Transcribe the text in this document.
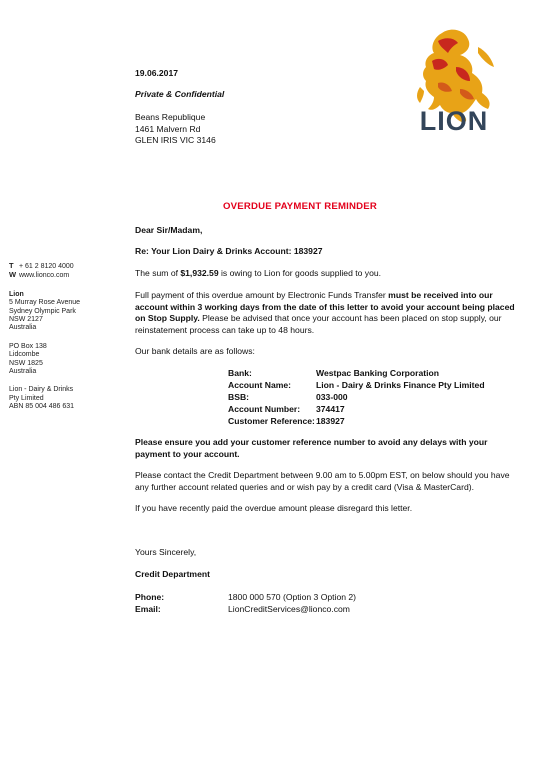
LION
T + 61 2 8120 4000
W www.lionco.com
Lion
5 Murray Rose Avenue
Sydney Olympic Park
NSW 2127
Australia
PO Box 138
Lidcombe
NSW 1825
Australia
Lion - Dairy & Drinks
Pty Limited
ABN 85 004 486 631
19.06.2017
Private & Confidential
Beans Republique
1461 Malvern Rd
GLEN IRIS VIC 3146
OVERDUE PAYMENT REMINDER
Dear Sir/Madam,
Re: Your Lion Dairy & Drinks Account: 183927
The sum of $1,932.59 is owing to Lion for goods supplied to you.
Full payment of this overdue amount by Electronic Funds Transfer must be received into our account within 3 working days from the date of this letter to avoid your account being placed on Stop Supply. Please be advised that once your account has been placed on stop supply, our reinstatement process can take up to 48 hours.
Our bank details are as follows:
Bank:	Westpac Banking Corporation
Account Name:	Lion - Dairy & Drinks Finance Pty Limited
BSB:	033-000
Account Number: 374417
Customer Reference:183927
Please ensure you add your customer reference number to avoid any delays with your payment to your account.
Please contact the Credit Department between 9.00 am to 5.00pm EST, on below should you have any further account related queries and or wish pay by a credit card (Visa & MasterCard).
If you have recently paid the overdue amount please disregard this letter.
Yours Sincerely,
Credit Department
Phone:	1800 000 570 (Option 3 Option 2)
Email:	LionCreditServices@lionco.com
